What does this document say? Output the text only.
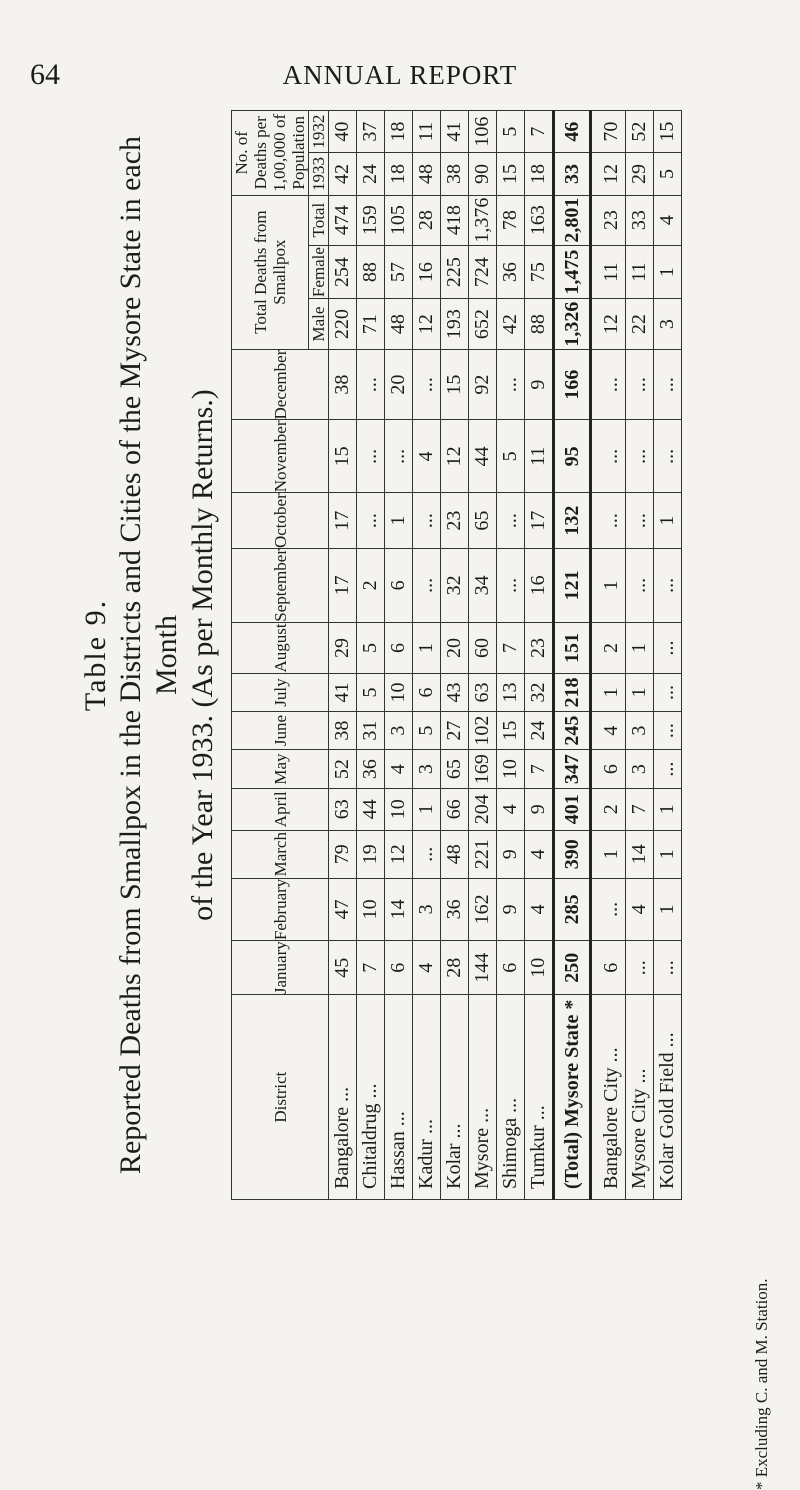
64	ANNUAL REPORT
Table 9. Reported Deaths from Smallpox in the Districts and Cities of the Mysore State in each Month of the Year 1933. (As per Monthly Returns.)
District	January	February	March	April	May	June	July	August	September	October	November	December	Total Deaths from Smallpox			No. of Deaths per 1,00,000 of Population	
													Male	Female	Total	1933	1932
Bangalore ...	45	47	79	63	52	38	41	29	17	17	15	38	220	254	474	42	40
Chitaldrug ...	7	10	19	44	36	31	5	5	2	...	...	...	71	88	159	24	37
Hassan ...	6	14	12	10	4	3	10	6	6	1	...	20	48	57	105	18	18
Kadur ...	4	3	...	1	3	5	6	1	...	...	4	...	12	16	28	48	11
Kolar ...	28	36	48	66	65	27	43	20	32	23	12	15	193	225	418	38	41
Mysore ...	144	162	221	204	169	102	63	60	34	65	44	92	652	724	1,376	90	106
Shimoga ...	6	9	9	4	10	15	13	7	...	...	5	...	42	36	78	15	5
Tumkur ...	10	4	4	9	7	24	32	23	16	17	11	9	88	75	163	18	7
(Total) Mysore State *	250	285	390	401	347	245	218	151	121	132	95	166	1,326	1,475	2,801	33	46
Bangalore City ...	6	...	1	2	6	4	1	2	1	...	...	...	12	11	23	12	70
Mysore City ...	...	4	14	7	3	3	1	1	...	...	...	...	22	11	33	29	52
Kolar Gold Field ...	...	1	1	1	...	...	...	...	...	1	...	...	3	1	4	5	15
* Excluding C. and M. Station.
